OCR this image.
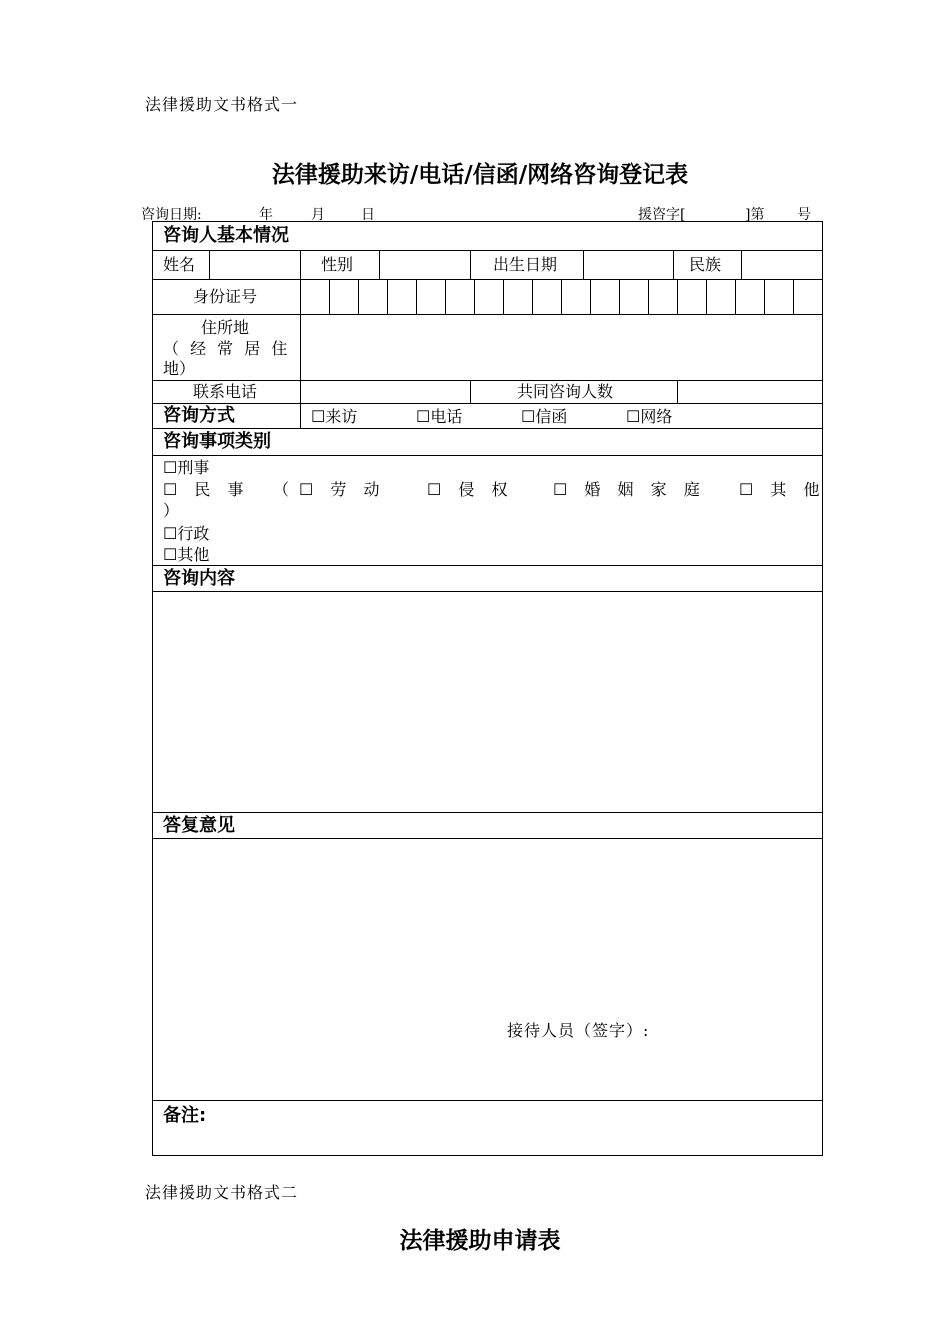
法律援助文书格式一
法律援助来访/电话/信函/网络咨询登记表
咨询日期:	年	月	日	援咨字[	]第 号
咨询人基本情况
姓名	性别	出生日期	民族
身份证号
住所地
（ 经 常 居 住
地）
联系电话	共同咨询人数
咨询方式	☐来访	☐电话	☐信函	☐网络
咨询事项类别
☐刑事
☐ 民 事 （ ☐ 劳 动	☐ 侵 权 ☐ 婚 姻 家 庭 ☐ 其 他
）
☐行政
☐其他
咨询内容
答复意见
接待人员（签字）:
备注:
法律援助文书格式二
法律援助申请表
